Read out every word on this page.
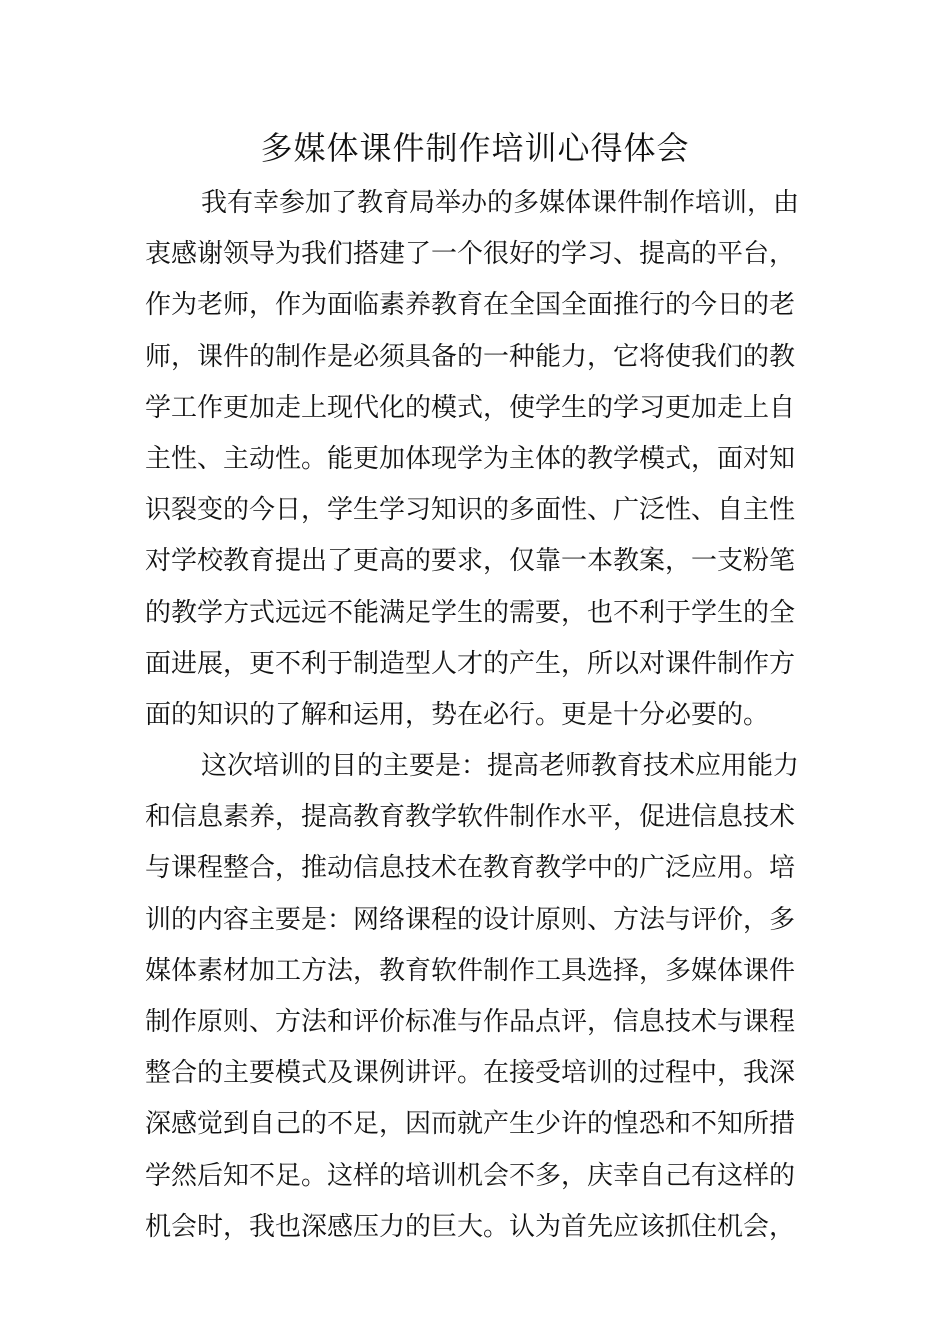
多媒体课件制作培训心得体会
我有幸参加了教育局举办的多媒体课件制作培训，由
衷感谢领导为我们搭建了一个很好的学习、提高的平台，
作为老师，作为面临素养教育在全国全面推行的今日的老
师，课件的制作是必须具备的一种能力，它将使我们的教
学工作更加走上现代化的模式，使学生的学习更加走上自
主性、主动性。能更加体现学为主体的教学模式，面对知
识裂变的今日，学生学习知识的多面性、广泛性、自主性
对学校教育提出了更高的要求，仅靠一本教案，一支粉笔
的教学方式远远不能满足学生的需要，也不利于学生的全
面进展，更不利于制造型人才的产生，所以对课件制作方
面的知识的了解和运用，势在必行。更是十分必要的。
这次培训的目的主要是：提高老师教育技术应用能力
和信息素养，提高教育教学软件制作水平，促进信息技术
与课程整合，推动信息技术在教育教学中的广泛应用。培
训的内容主要是：网络课程的设计原则、方法与评价，多
媒体素材加工方法，教育软件制作工具选择，多媒体课件
制作原则、方法和评价标准与作品点评，信息技术与课程
整合的主要模式及课例讲评。在接受培训的过程中，我深
深感觉到自己的不足，因而就产生少许的惶恐和不知所措
学然后知不足。这样的培训机会不多，庆幸自己有这样的
机会时，我也深感压力的巨大。认为首先应该抓住机会，
